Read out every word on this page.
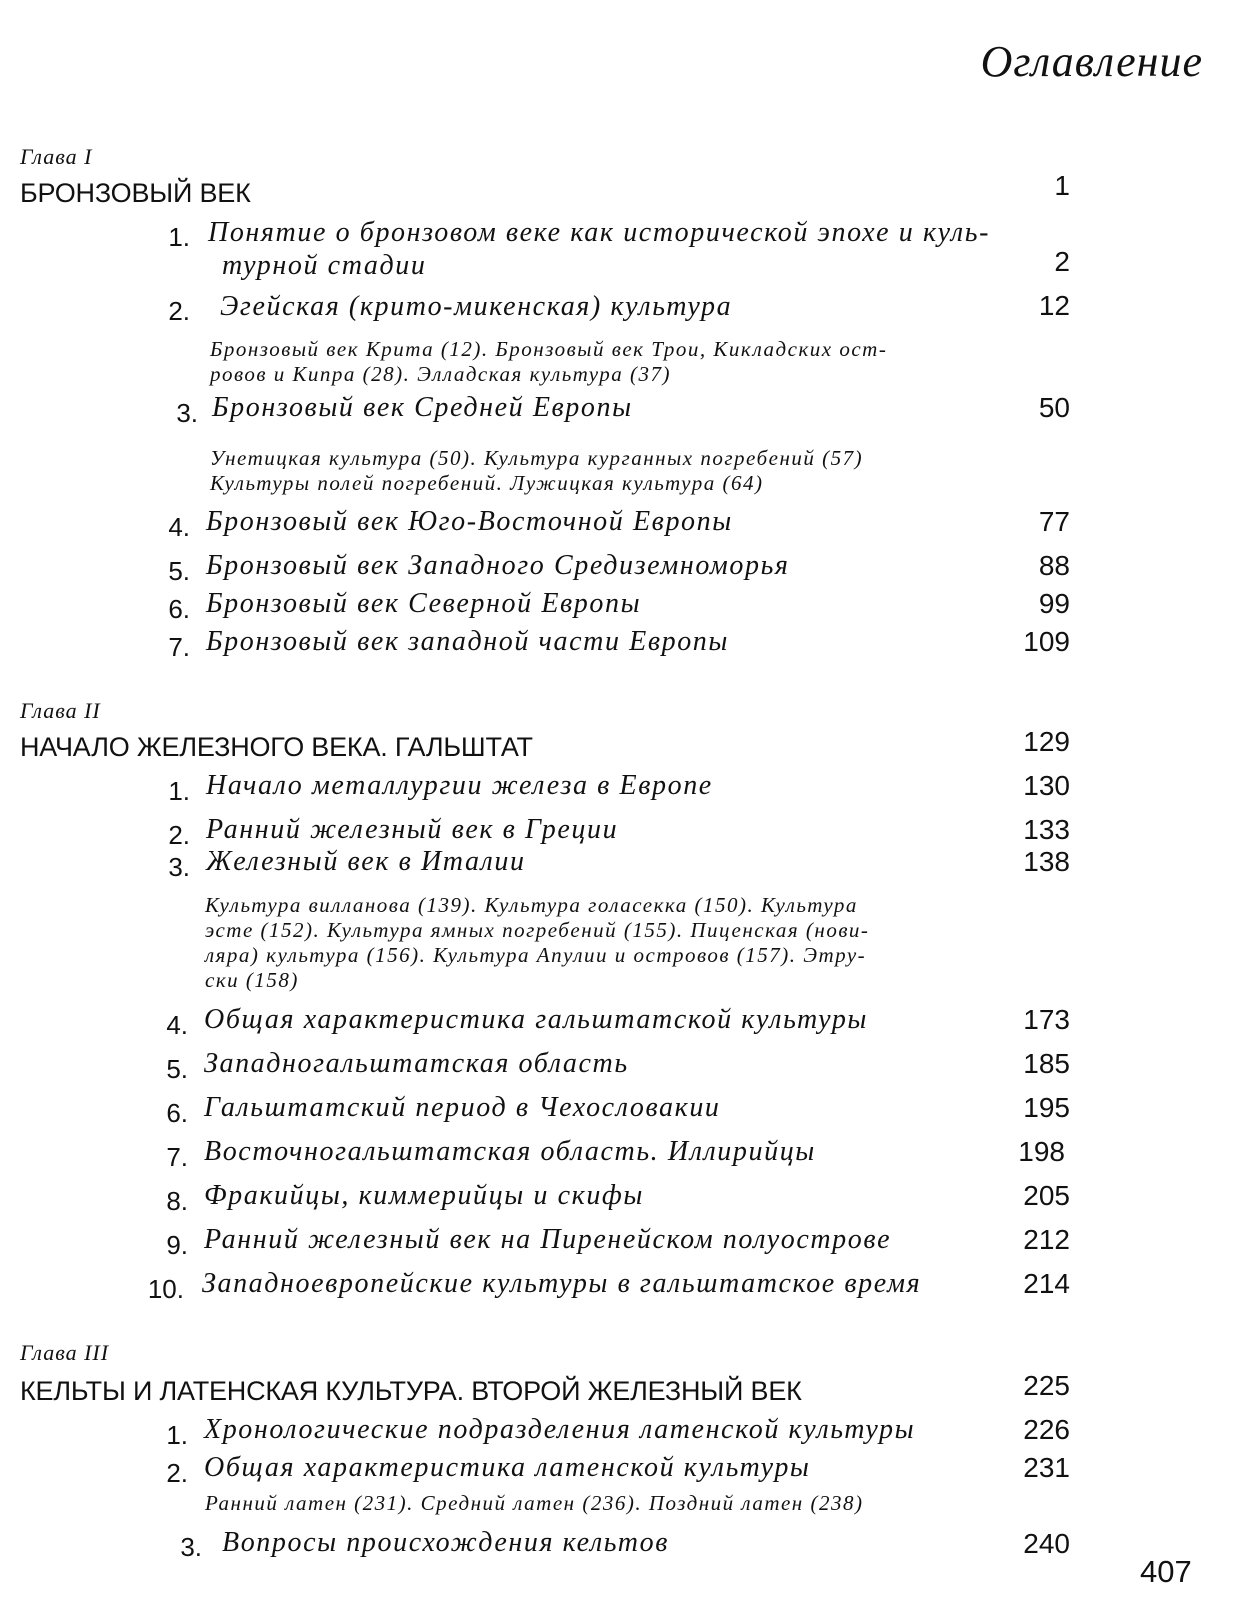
Оглавление
Глава I
БРОНЗОВЫЙ ВЕК	1
1. Понятие о бронзовом веке как исторической эпохе и куль-
турной стадии	2
2. Эгейская (крито-микенская) культура	12
Бронзовый век Крита (12). Бронзовый век Трои, Кикладских ост-
ровов и Кипра (28). Элладская культура (37)
3. Бронзовый век Средней Европы	50
Унетицкая культура (50). Культура курганных погребений (57)
Культуры полей погребений. Лужицкая культура (64)
4. Бронзовый век Юго-Восточной Европы	77
5. Бронзовый век Западного Средиземноморья	88
6. Бронзовый век Северной Европы	99
7. Бронзовый век западной части Европы	109
Глава II
НАЧАЛО ЖЕЛЕЗНОГО ВЕКА. ГАЛЬШТАТ	129
1. Начало металлургии железа в Европе	130
2. Ранний железный век в Греции	133
3. Железный век в Италии	138
Культура вилланова (139). Культура голасекка (150). Культура
эсте (152). Культура ямных погребений (155). Пиценская (нови-
ляра) культура (156). Культура Апулии и островов (157). Этру-
ски (158)
4. Общая характеристика гальштатской культуры	173
5. Западногальштатская область	185
6. Гальштатский период в Чехословакии	195
7. Восточногальштатская область. Иллирийцы	198
8. Фракийцы, киммерийцы и скифы	205
9. Ранний железный век на Пиренейском полуострове	212
10. Западноевропейские культуры в гальштатское время	214
Глава III
КЕЛЬТЫ И ЛАТЕНСКАЯ КУЛЬТУРА. ВТОРОЙ ЖЕЛЕЗНЫЙ ВЕК	225
1. Хронологические подразделения латенской культуры	226
2. Общая характеристика латенской культуры	231
Ранний латен (231). Средний латен (236). Поздний латен (238)
3. Вопросы происхождения кельтов	240
407
